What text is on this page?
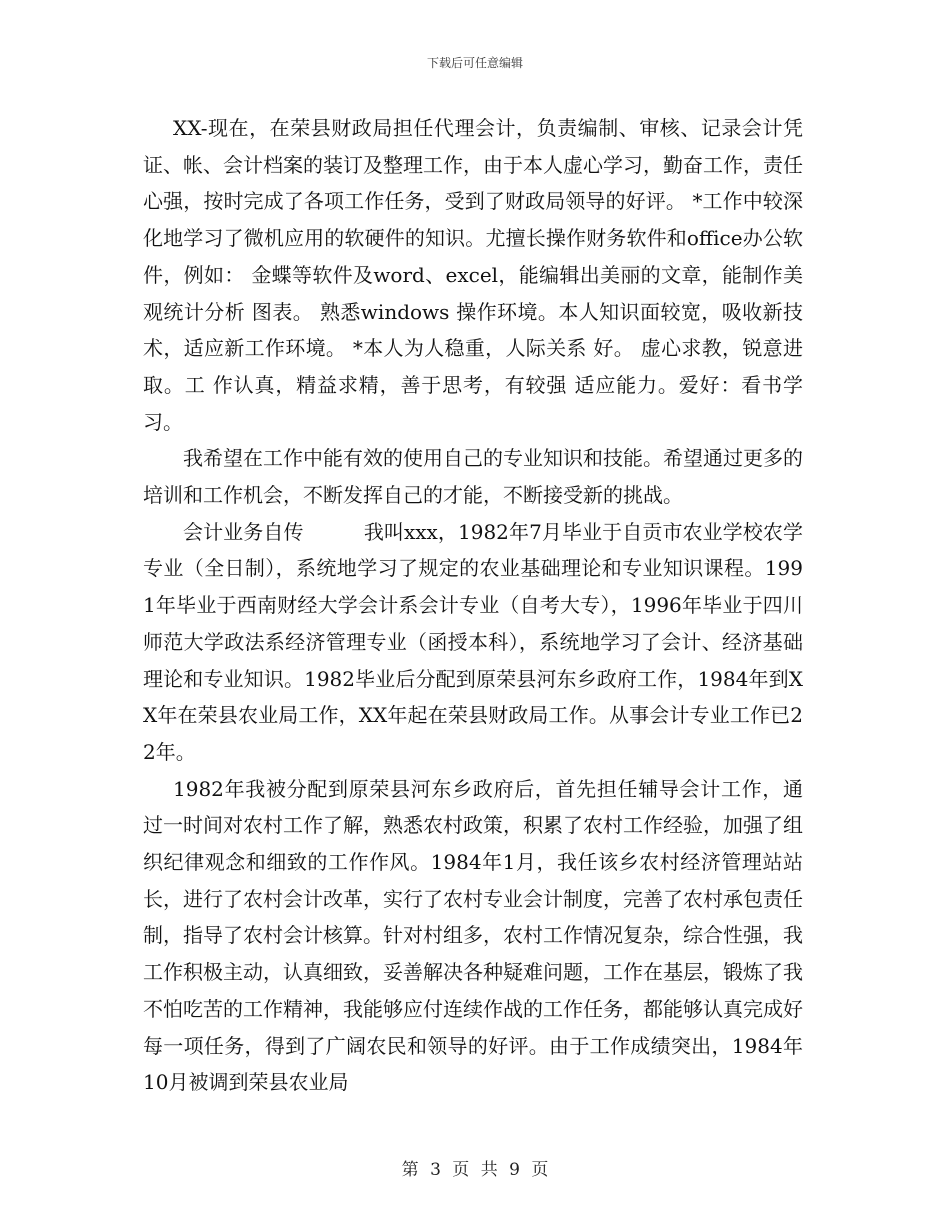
下载后可任意编辑

XX-现在，在荣县财政局担任代理会计，负责编制、审核、记录会计凭证、帐、会计档案的装订及整理工作，由于本人虚心学习，勤奋工作，责任心强，按时完成了各项工作任务，受到了财政局领导的好评。 *工作中较深化地学习了微机应用的软硬件的知识。尤擅长操作财务软件和office办公软件，例如： 金蝶等软件及word、excel，能编辑出美丽的文章，能制作美观统计分析 图表。 熟悉windows 操作环境。本人知识面较宽，吸收新技术，适应新工作环境。 *本人为人稳重，人际关系 好。 虚心求教，锐意进取。工 作认真，精益求精，善于思考，有较强 适应能力。爱好：看书学习。

我希望在工作中能有效的使用自己的专业知识和技能。希望通过更多的培训和工作机会，不断发挥自己的才能，不断接受新的挑战。

会计业务自传　　　我叫xxx，1982年7月毕业于自贡市农业学校农学专业（全日制），系统地学习了规定的农业基础理论和专业知识课程。1991年毕业于西南财经大学会计系会计专业（自考大专），1996年毕业于四川师范大学政法系经济管理专业（函授本科），系统地学习了会计、经济基础理论和专业知识。1982毕业后分配到原荣县河东乡政府工作，1984年到XX年在荣县农业局工作，XX年起在荣县财政局工作。从事会计专业工作已22年。

1982年我被分配到原荣县河东乡政府后，首先担任辅导会计工作，通过一时间对农村工作了解，熟悉农村政策，积累了农村工作经验，加强了组织纪律观念和细致的工作作风。1984年1月，我任该乡农村经济管理站站长，进行了农村会计改革，实行了农村专业会计制度，完善了农村承包责任制，指导了农村会计核算。针对村组多，农村工作情况复杂，综合性强，我工作积极主动，认真细致，妥善解决各种疑难问题，工作在基层，锻炼了我不怕吃苦的工作精神，我能够应付连续作战的工作任务，都能够认真完成好每一项任务，得到了广阔农民和领导的好评。由于工作成绩突出，1984年10月被调到荣县农业局

第 3 页 共 9 页
